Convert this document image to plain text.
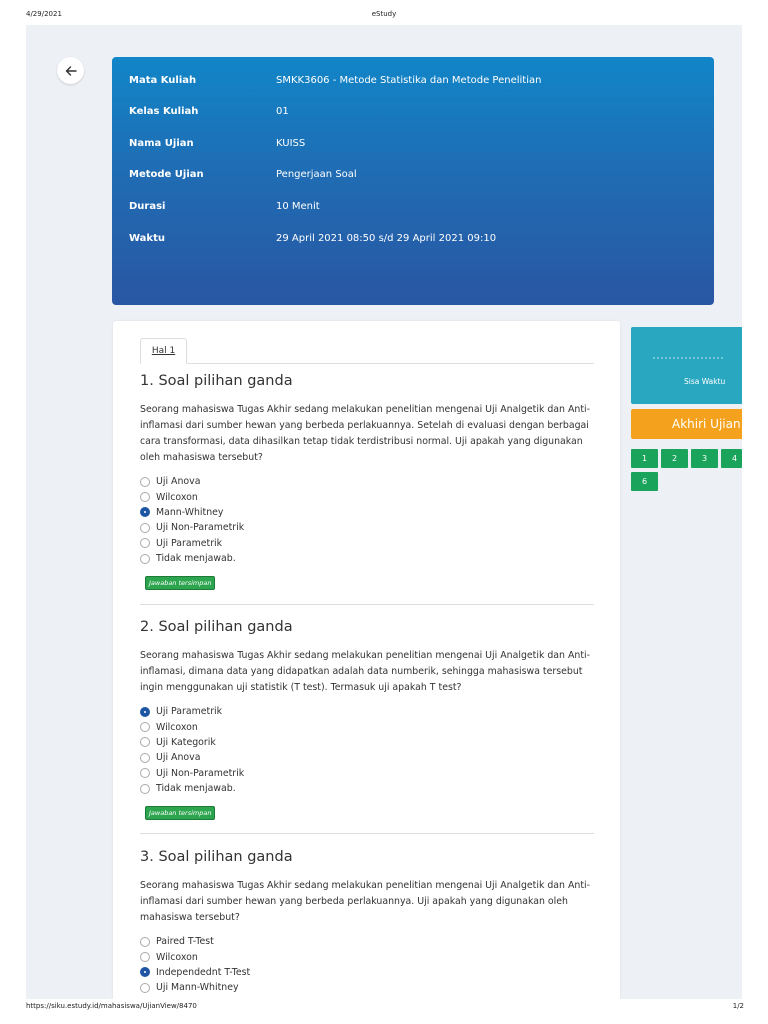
4/29/2021	eStudy
Mata Kuliah	SMKK3606 - Metode Statistika dan Metode Penelitian
Kelas Kuliah	01
Nama Ujian	KUISS
Metode Ujian	Pengerjaan Soal
Durasi	10 Menit
Waktu	29 April 2021 08:50 s/d 29 April 2021 09:10
Hal 1
1. Soal pilihan ganda
Seorang mahasiswa Tugas Akhir sedang melakukan penelitian mengenai Uji Analgetik dan Anti-inflamasi dari sumber hewan yang berbeda perlakuannya. Setelah di evaluasi dengan berbagai cara transformasi, data dihasilkan tetap tidak terdistribusi normal. Uji apakah yang digunakan oleh mahasiswa tersebut?
Uji Anova
Wilcoxon
Mann-Whitney
Uji Non-Parametrik
Uji Parametrik
Tidak menjawab.
Jawaban tersimpan
2. Soal pilihan ganda
Seorang mahasiswa Tugas Akhir sedang melakukan penelitian mengenai Uji Analgetik dan Anti-inflamasi, dimana data yang didapatkan adalah data numberik, sehingga mahasiswa tersebut ingin menggunakan uji statistik (T test). Termasuk uji apakah T test?
Uji Parametrik
Wilcoxon
Uji Kategorik
Uji Anova
Uji Non-Parametrik
Tidak menjawab.
Jawaban tersimpan
3. Soal pilihan ganda
Seorang mahasiswa Tugas Akhir sedang melakukan penelitian mengenai Uji Analgetik dan Anti-inflamasi dari sumber hewan yang berbeda perlakuannya. Uji apakah yang digunakan oleh mahasiswa tersebut?
Paired T-Test
Wilcoxon
Independednt T-Test
Uji Mann-Whitney
Sisa Waktu
Akhiri Ujian
1	2	3	4
6
https://siku.estudy.id/mahasiswa/UjianView/8470	1/2
